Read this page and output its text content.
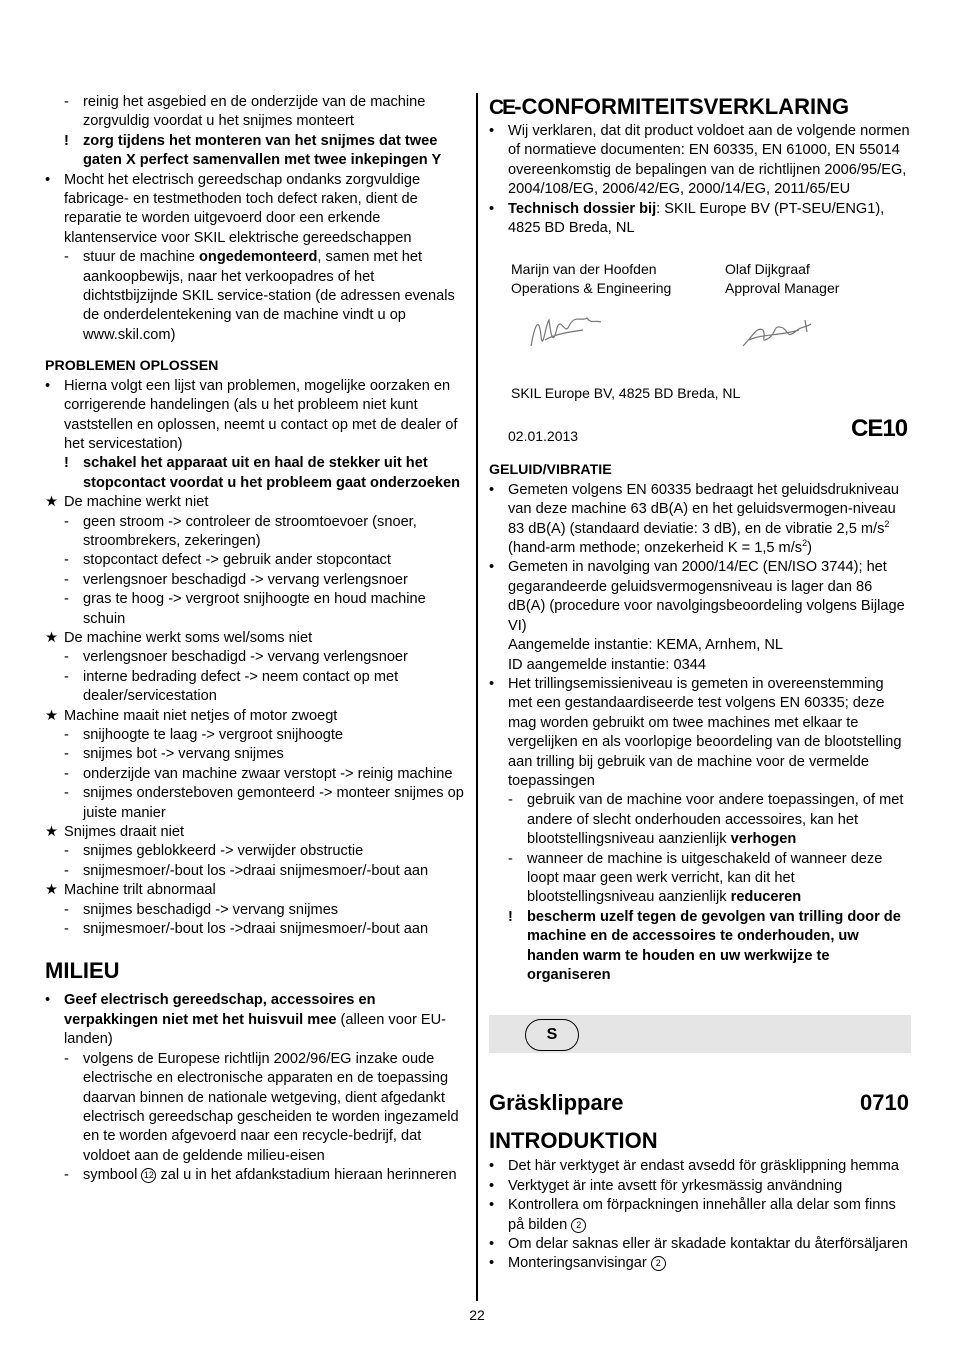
- reinig het asgebied en de onderzijde van de machine zorgvuldig voordat u het snijmes monteert
! zorg tijdens het monteren van het snijmes dat twee gaten X perfect samenvallen met twee inkepingen Y
• Mocht het electrisch gereedschap ondanks zorgvuldige fabricage- en testmethoden toch defect raken, dient de reparatie te worden uitgevoerd door een erkende klantenservice voor SKIL elektrische gereedschappen
- stuur de machine ongedemonteerd, samen met het aankoopbewijs, naar het verkoopadres of het dichtstbijzijnde SKIL service-station (de adressen evenals de onderdelentekening van de machine vindt u op www.skil.com)
PROBLEMEN OPLOSSEN
• Hierna volgt een lijst van problemen, mogelijke oorzaken en corrigerende handelingen (als u het probleem niet kunt vaststellen en oplossen, neemt u contact op met de dealer of het servicestation)
! schakel het apparaat uit en haal de stekker uit het stopcontact voordat u het probleem gaat onderzoeken
★ De machine werkt niet
- geen stroom -> controleer de stroomtoevoer (snoer, stroombrekers, zekeringen)
- stopcontact defect -> gebruik ander stopcontact
- verlengsnoer beschadigd -> vervang verlengsnoer
- gras te hoog -> vergroot snijhoogte en houd machine schuin
★ De machine werkt soms wel/soms niet
- verlengsnoer beschadigd -> vervang verlengsnoer
- interne bedrading defect -> neem contact op met dealer/servicestation
★ Machine maait niet netjes of motor zwoegt
- snijhoogte te laag -> vergroot snijhoogte
- snijmes bot -> vervang snijmes
- onderzijde van machine zwaar verstopt -> reinig machine
- snijmes ondersteboven gemonteerd -> monteer snijmes op juiste manier
★ Snijmes draait niet
- snijmes geblokkeerd -> verwijder obstructie
- snijmesmoer/-bout los ->draai snijmesmoer/-bout aan
★ Machine trilt abnormaal
- snijmes beschadigd -> vervang snijmes
- snijmesmoer/-bout los ->draai snijmesmoer/-bout aan
MILIEU
• Geef electrisch gereedschap, accessoires en verpakkingen niet met het huisvuil mee (alleen voor EU-landen)
- volgens de Europese richtlijn 2002/96/EG inzake oude electrische en electronische apparaten en de toepassing daarvan binnen de nationale wetgeving, dient afgedankt electrisch gereedschap gescheiden te worden ingezameld en te worden afgevoerd naar een recycle-bedrijf, dat voldoet aan de geldende milieu-eisen
- symbool 12 zal u in het afdankstadium hieraan herinneren
CE-CONFORMITEITSVERKLARING
• Wij verklaren, dat dit product voldoet aan de volgende normen of normatieve documenten: EN 60335, EN 61000, EN 55014 overeenkomstig de bepalingen van de richtlijnen 2006/95/EG, 2004/108/EG, 2006/42/EG, 2000/14/EG, 2011/65/EU
• Technisch dossier bij: SKIL Europe BV (PT-SEU/ENG1), 4825 BD Breda, NL
Marijn van der Hoofden
Operations & Engineering
Olaf Dijkgraaf
Approval Manager
SKIL Europe BV, 4825 BD Breda, NL
02.01.2013	CE10
GELUID/VIBRATIE
• Gemeten volgens EN 60335 bedraagt het geluidsdrukniveau van deze machine 63 dB(A) en het geluidsvermogen-niveau 83 dB(A) (standaard deviatie: 3 dB), en de vibratie 2,5 $m/s^2$ (hand-arm methode; onzekerheid K = 1,5 $m/s^2$)
• Gemeten in navolging van 2000/14/EC (EN/ISO 3744); het gegarandeerde geluidsvermogensniveau is lager dan 86 dB(A) (procedure voor navolgingsbeoordeling volgens Bijlage VI)
Aangemelde instantie: KEMA, Arnhem, NL
ID aangemelde instantie: 0344
• Het trillingsemissieniveau is gemeten in overeenstemming met een gestandaardiseerde test volgens EN 60335; deze mag worden gebruikt om twee machines met elkaar te vergelijken en als voorlopige beoordeling van de blootstelling aan trilling bij gebruik van de machine voor de vermelde toepassingen
- gebruik van de machine voor andere toepassingen, of met andere of slecht onderhouden accessoires, kan het blootstellingsniveau aanzienlijk verhogen
- wanneer de machine is uitgeschakeld of wanneer deze loopt maar geen werk verricht, kan dit het blootstellingsniveau aanzienlijk reduceren
! bescherm uzelf tegen de gevolgen van trilling door de machine en de accessoires te onderhouden, uw handen warm te houden en uw werkwijze te organiseren
S
Gräsklippare	0710
INTRODUKTION
• Det här verktyget är endast avsedd för gräsklippning hemma
• Verktyget är inte avsett för yrkesmässig användning
• Kontrollera om förpackningen innehåller alla delar som finns på bilden 2
• Om delar saknas eller är skadade kontaktar du återförsäljaren
• Monteringsanvisingar 2
22
